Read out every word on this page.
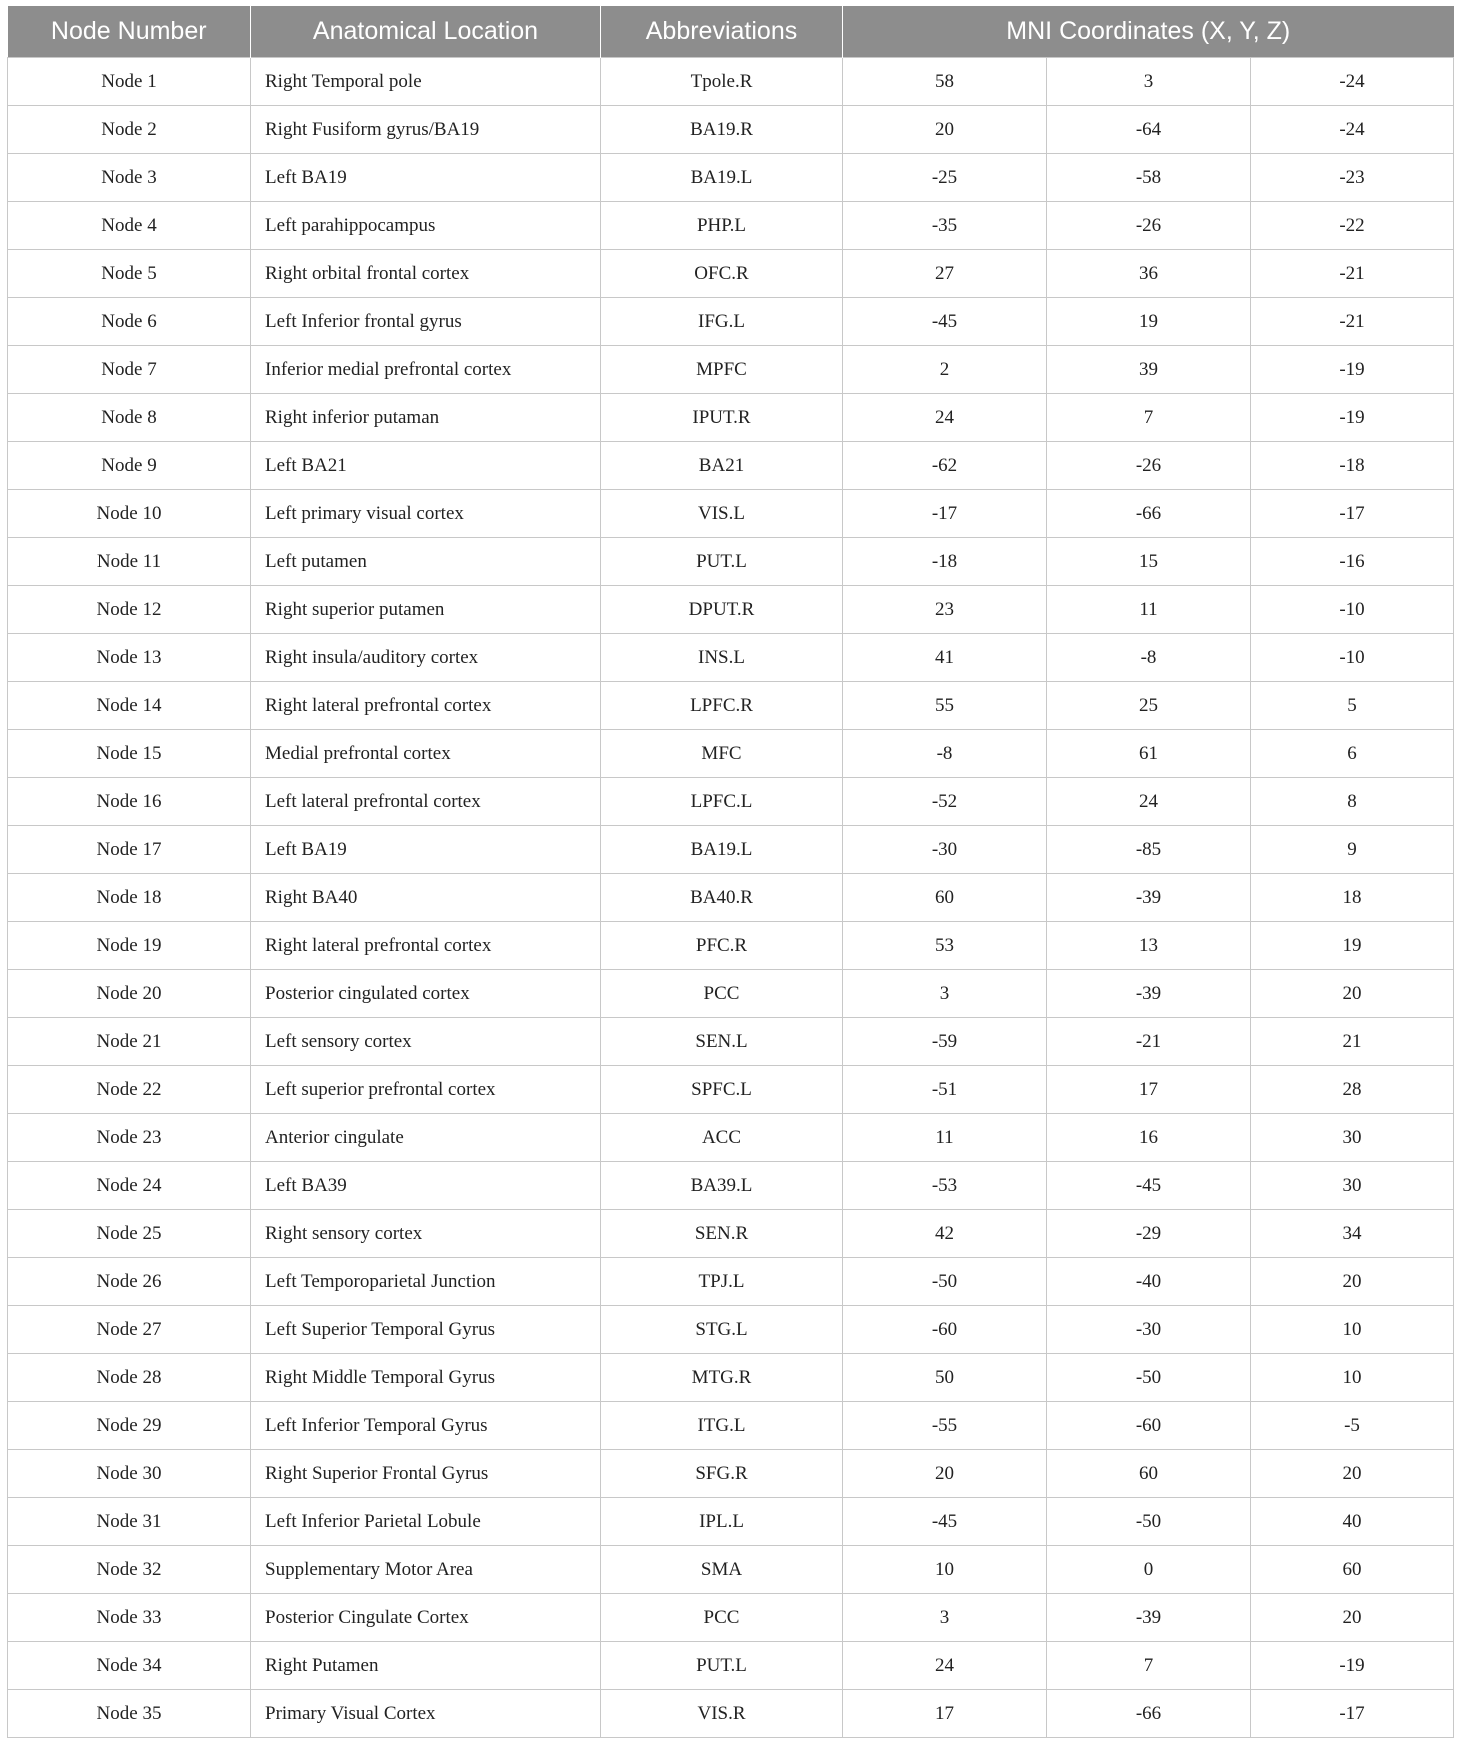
Node Number	Anatomical Location	Abbreviations	MNI Coordinates (X, Y, Z)		
Node 1	Right Temporal pole	Tpole.R	58	3	-24
Node 2	Right Fusiform gyrus/BA19	BA19.R	20	-64	-24
Node 3	Left BA19	BA19.L	-25	-58	-23
Node 4	Left parahippocampus	PHP.L	-35	-26	-22
Node 5	Right orbital frontal cortex	OFC.R	27	36	-21
Node 6	Left Inferior frontal gyrus	IFG.L	-45	19	-21
Node 7	Inferior medial prefrontal cortex	MPFC	2	39	-19
Node 8	Right inferior putaman	IPUT.R	24	7	-19
Node 9	Left BA21	BA21	-62	-26	-18
Node 10	Left primary visual cortex	VIS.L	-17	-66	-17
Node 11	Left putamen	PUT.L	-18	15	-16
Node 12	Right superior putamen	DPUT.R	23	11	-10
Node 13	Right insula/auditory cortex	INS.L	41	-8	-10
Node 14	Right lateral prefrontal cortex	LPFC.R	55	25	5
Node 15	Medial prefrontal cortex	MFC	-8	61	6
Node 16	Left lateral prefrontal cortex	LPFC.L	-52	24	8
Node 17	Left BA19	BA19.L	-30	-85	9
Node 18	Right BA40	BA40.R	60	-39	18
Node 19	Right lateral prefrontal cortex	PFC.R	53	13	19
Node 20	Posterior cingulated cortex	PCC	3	-39	20
Node 21	Left sensory cortex	SEN.L	-59	-21	21
Node 22	Left superior prefrontal cortex	SPFC.L	-51	17	28
Node 23	Anterior cingulate	ACC	11	16	30
Node 24	Left BA39	BA39.L	-53	-45	30
Node 25	Right sensory cortex	SEN.R	42	-29	34
Node 26	Left Temporoparietal Junction	TPJ.L	-50	-40	20
Node 27	Left Superior Temporal Gyrus	STG.L	-60	-30	10
Node 28	Right Middle Temporal Gyrus	MTG.R	50	-50	10
Node 29	Left Inferior Temporal Gyrus	ITG.L	-55	-60	-5
Node 30	Right Superior Frontal Gyrus	SFG.R	20	60	20
Node 31	Left Inferior Parietal Lobule	IPL.L	-45	-50	40
Node 32	Supplementary Motor Area	SMA	10	0	60
Node 33	Posterior Cingulate Cortex	PCC	3	-39	20
Node 34	Right Putamen	PUT.L	24	7	-19
Node 35	Primary Visual Cortex	VIS.R	17	-66	-17
